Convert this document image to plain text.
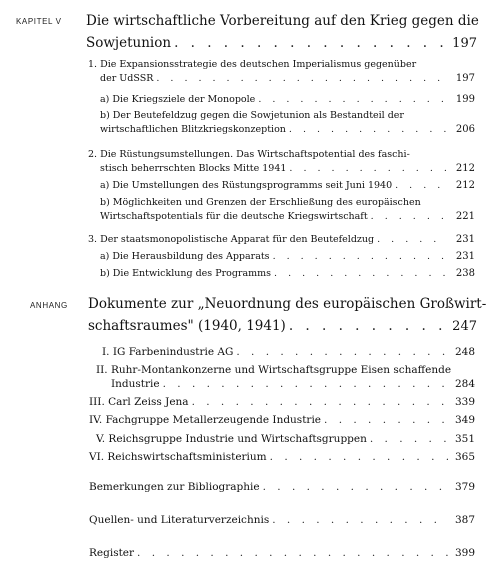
KAPITEL V Die wirtschaftliche Vorbereitung auf den Krieg gegen die
Sowjetunion . . .	197
1. Die Expansionsstrategie des deutschen Imperialismus gegenüber
der UdSSR . . .	197
a) Die Kriegsziele der Monopole . . .	199
b) Der Beutefeldzug gegen die Sowjetunion als Bestandteil der
wirtschaftlichen Blitzkriegskonzeption . . .	206
2. Die Rüstungsumstellungen. Das Wirtschaftspotential des faschi-
stisch beherrschten Blocks Mitte 1941 . . .	212
a) Die Umstellungen des Rüstungsprogramms seit Juni 1940 . . .	212
b) Möglichkeiten und Grenzen der Erschließung des europäischen
Wirtschaftspotentials für die deutsche Kriegswirtschaft . . .	221
3. Der staatsmonopolistische Apparat für den Beutefeldzug . . .	231
a) Die Herausbildung des Apparats . . .	231
b) Die Entwicklung des Programms . . .	238
ANHANG Dokumente zur „Neuordnung des europäischen Großwirt-
schaftsraumes" (1940, 1941) . . .	247
I. IG Farbenindustrie AG . . .	248
II. Ruhr-Montankonzerne und Wirtschaftsgruppe Eisen schaffende
Industrie . . .	284
III. Carl Zeiss Jena . . .	339
IV. Fachgruppe Metallerzeugende Industrie . . .	349
V. Reichsgruppe Industrie und Wirtschaftsgruppen . . .	351
VI. Reichswirtschaftsministerium . . .	365
Bemerkungen zur Bibliographie . . .	379
Quellen- und Literaturverzeichnis . . .	387
Register . . .	399
